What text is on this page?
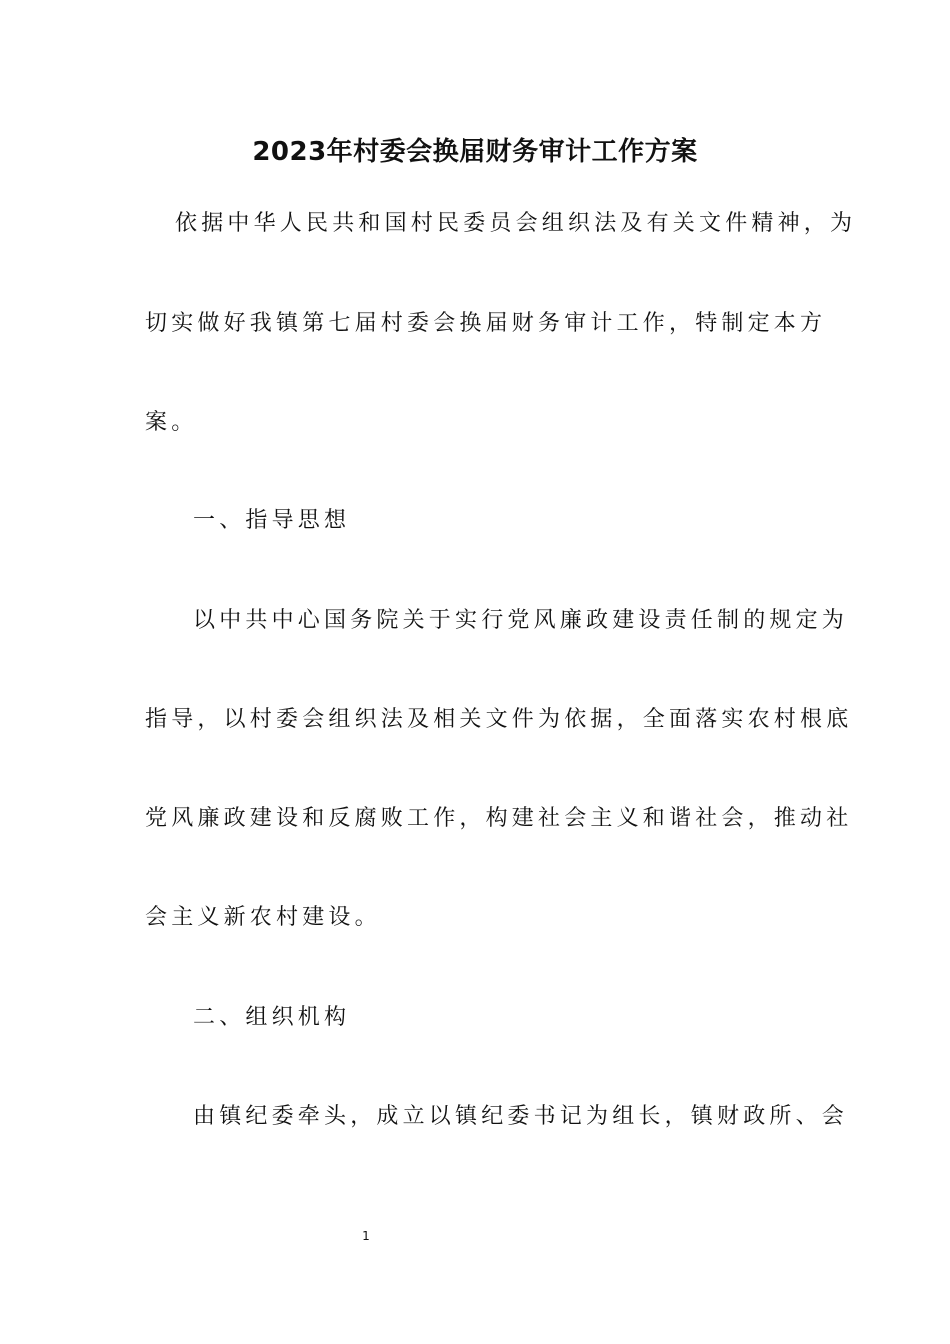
2023年村委会换届财务审计工作方案
依据中华人民共和国村民委员会组织法及有关文件精神，为
切实做好我镇第七届村委会换届财务审计工作，特制定本方
案。
一、指导思想
以中共中心国务院关于实行党风廉政建设责任制的规定为
指导，以村委会组织法及相关文件为依据，全面落实农村根底
党风廉政建设和反腐败工作，构建社会主义和谐社会，推动社
会主义新农村建设。
二、组织机构
由镇纪委牵头，成立以镇纪委书记为组长，镇财政所、会
1
